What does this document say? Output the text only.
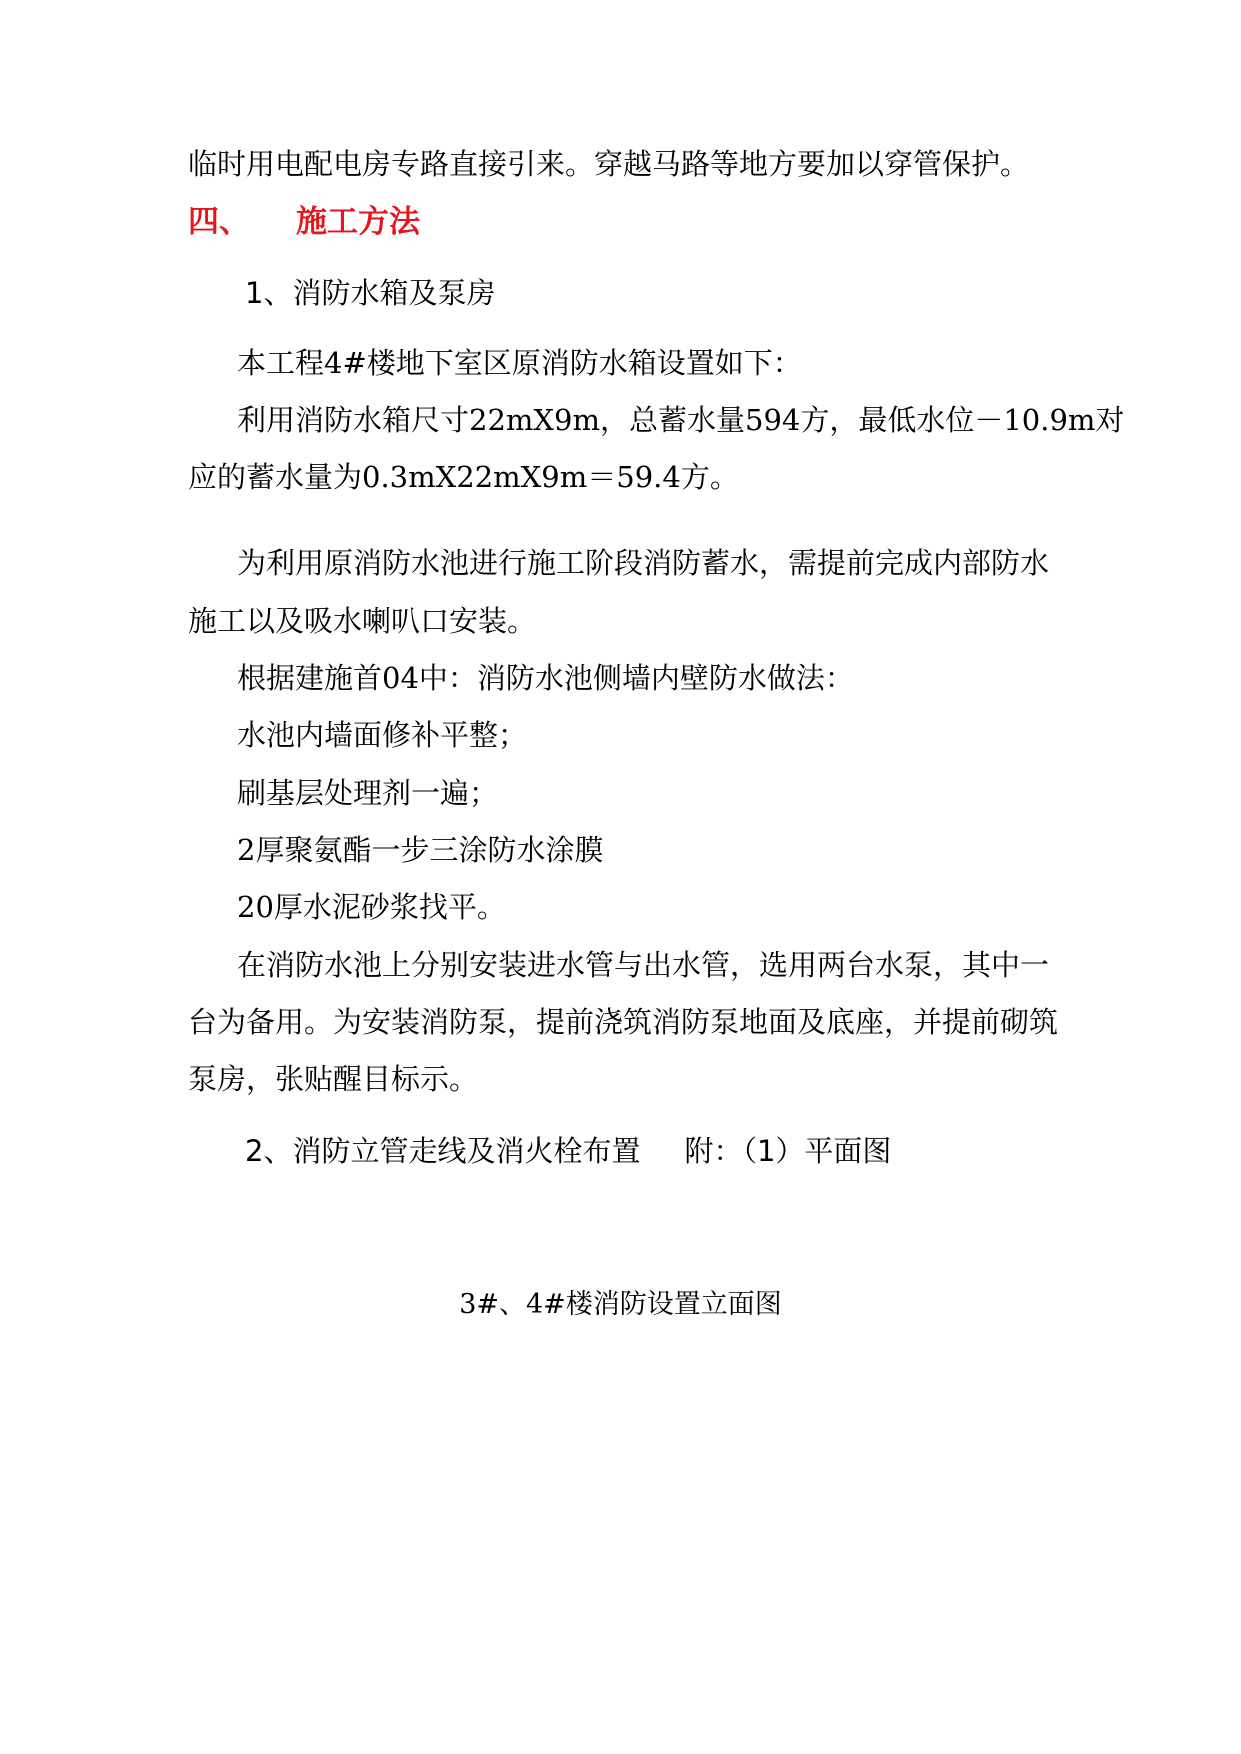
临时用电配电房专路直接引来。穿越马路等地方要加以穿管保护。
四、 施工方法
1、消防水箱及泵房
本工程4#楼地下室区原消防水箱设置如下：
利用消防水箱尺寸22mX9m，总蓄水量594方，最低水位－10.9m对
应的蓄水量为0.3mX22mX9m＝59.4方。
为利用原消防水池进行施工阶段消防蓄水，需提前完成内部防水
施工以及吸水喇叭口安装。
根据建施首04中：消防水池侧墙内壁防水做法：
水池内墙面修补平整；
刷基层处理剂一遍；
2厚聚氨酯一步三涂防水涂膜
20厚水泥砂浆找平。
在消防水池上分别安装进水管与出水管，选用两台水泵，其中一
台为备用。为安装消防泵，提前浇筑消防泵地面及底座，并提前砌筑
泵房，张贴醒目标示。
2、消防立管走线及消火栓布置 附：（1）平面图
3#、4#楼消防设置立面图
